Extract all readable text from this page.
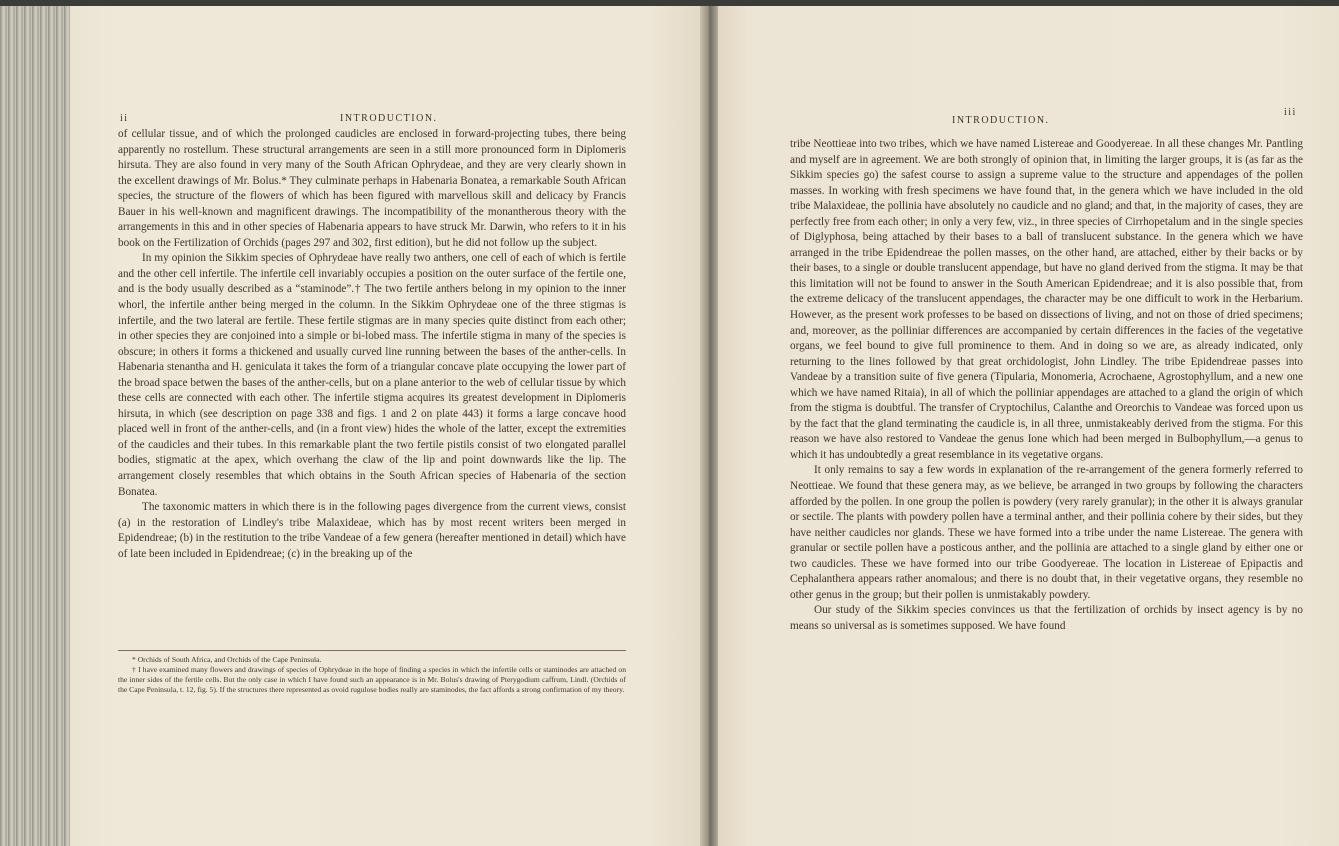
ii	INTRODUCTION.

of cellular tissue, and of which the prolonged caudicles are enclosed in forward-projecting tubes, there being apparently no rostellum. These structural arrangements are seen in a still more pronounced form in Diplomeris hirsuta. They are also found in very many of the South African Ophrydeae, and they are very clearly shown in the excellent drawings of Mr. Bolus.* They culminate perhaps in Habenaria Bonatea, a remarkable South African species, the structure of the flowers of which has been figured with marvellous skill and delicacy by Francis Bauer in his well-known and magnificent drawings. The incompatibility of the monantherous theory with the arrangements in this and in other species of Habenaria appears to have struck Mr. Darwin, who refers to it in his book on the Fertilization of Orchids (pages 297 and 302, first edition), but he did not follow up the subject.

In my opinion the Sikkim species of Ophrydeae have really two anthers, one cell of each of which is fertile and the other cell infertile. The infertile cell invariably occupies a position on the outer surface of the fertile one, and is the body usually described as a “staminode”.† The two fertile anthers belong in my opinion to the inner whorl, the infertile anther being merged in the column. In the Sikkim Ophrydeae one of the three stigmas is infertile, and the two lateral are fertile. These fertile stigmas are in many species quite distinct from each other; in other species they are conjoined into a simple or bi-lobed mass. The infertile stigma in many of the species is obscure; in others it forms a thickened and usually curved line running between the bases of the anther-cells. In Habenaria stenantha and H. geniculata it takes the form of a triangular concave plate occupying the lower part of the broad space betwen the bases of the anther-cells, but on a plane anterior to the web of cellular tissue by which these cells are connected with each other. The infertile stigma acquires its greatest development in Diplomeris hirsuta, in which (see description on page 338 and figs. 1 and 2 on plate 443) it forms a large concave hood placed well in front of the anther-cells, and (in a front view) hides the whole of the latter, except the extremities of the caudicles and their tubes. In this remarkable plant the two fertile pistils consist of two elongated parallel bodies, stigmatic at the apex, which overhang the claw of the lip and point downwards like the lip. The arrangement closely resembles that which obtains in the South African species of Habenaria of the section Bonatea.

The taxonomic matters in which there is in the following pages divergence from the current views, consist (a) in the restoration of Lindley's tribe Malaxideae, which has by most recent writers been merged in Epidendreae; (b) in the restitution to the tribe Vandeae of a few genera (hereafter mentioned in detail) which have of late been included in Epidendreae; (c) in the breaking up of the

* Orchids of South Africa, and Orchids of the Cape Peninsula.

† I have examined many flowers and drawings of species of Ophrydeae in the hope of finding a species in which the infertile cells or staminodes are attached on the inner sides of the fertile cells. But the only case in which I have found such an appearance is in Mr. Bolus's drawing of Pterygodium caffrum, Lindl. (Orchids of the Cape Peninsula, t. 12, fig. 5). If the structures there represented as ovoid rugulose bodies really are staminodes, the fact affords a strong confirmation of my theory.

INTRODUCTION.
iii

tribe Neottieae into two tribes, which we have named Listereae and Goodyereae. In all these changes Mr. Pantling and myself are in agreement. We are both strongly of opinion that, in limiting the larger groups, it is (as far as the Sikkim species go) the safest course to assign a supreme value to the structure and appendages of the pollen masses. In working with fresh specimens we have found that, in the genera which we have included in the old tribe Malaxideae, the pollinia have absolutely no caudicle and no gland; and that, in the majority of cases, they are perfectly free from each other; in only a very few, viz., in three species of Cirrhopetalum and in the single species of Diglyphosa, being attached by their bases to a ball of translucent substance. In the genera which we have arranged in the tribe Epidendreae the pollen masses, on the other hand, are attached, either by their backs or by their bases, to a single or double translucent appendage, but have no gland derived from the stigma. It may be that this limitation will not be found to answer in the South American Epidendreae; and it is also possible that, from the extreme delicacy of the translucent appendages, the character may be one difficult to work in the Herbarium. However, as the present work professes to be based on dissections of living, and not on those of dried specimens; and, moreover, as the polliniar differences are accompanied by certain differences in the facies of the vegetative organs, we feel bound to give full prominence to them. And in doing so we are, as already indicated, only returning to the lines followed by that great orchidologist, John Lindley. The tribe Epidendreae passes into Vandeae by a transition suite of five genera (Tipularia, Monomeria, Acrochaene, Agrostophyllum, and a new one which we have named Ritaia), in all of which the polliniar appendages are attached to a gland the origin of which from the stigma is doubtful. The transfer of Cryptochilus, Calanthe and Oreorchis to Vandeae was forced upon us by the fact that the gland terminating the caudicle is, in all three, unmistakeably derived from the stigma. For this reason we have also restored to Vandeae the genus Ione which had been merged in Bulbophyllum,—a genus to which it has undoubtedly a great resemblance in its vegetative organs.

It only remains to say a few words in explanation of the re-arrangement of the genera formerly referred to Neottieae. We found that these genera may, as we believe, be arranged in two groups by following the characters afforded by the pollen. In one group the pollen is powdery (very rarely granular); in the other it is always granular or sectile. The plants with powdery pollen have a terminal anther, and their pollinia cohere by their sides, but they have neither caudicles nor glands. These we have formed into a tribe under the name Listereae. The genera with granular or sectile pollen have a posticous anther, and the pollinia are attached to a single gland by either one or two caudicles. These we have formed into our tribe Goodyereae. The location in Listereae of Epipactis and Cephalanthera appears rather anomalous; and there is no doubt that, in their vegetative organs, they resemble no other genus in the group; but their pollen is unmistakably powdery.

Our study of the Sikkim species convinces us that the fertilization of orchids by insect agency is by no means so universal as is sometimes supposed. We have found
